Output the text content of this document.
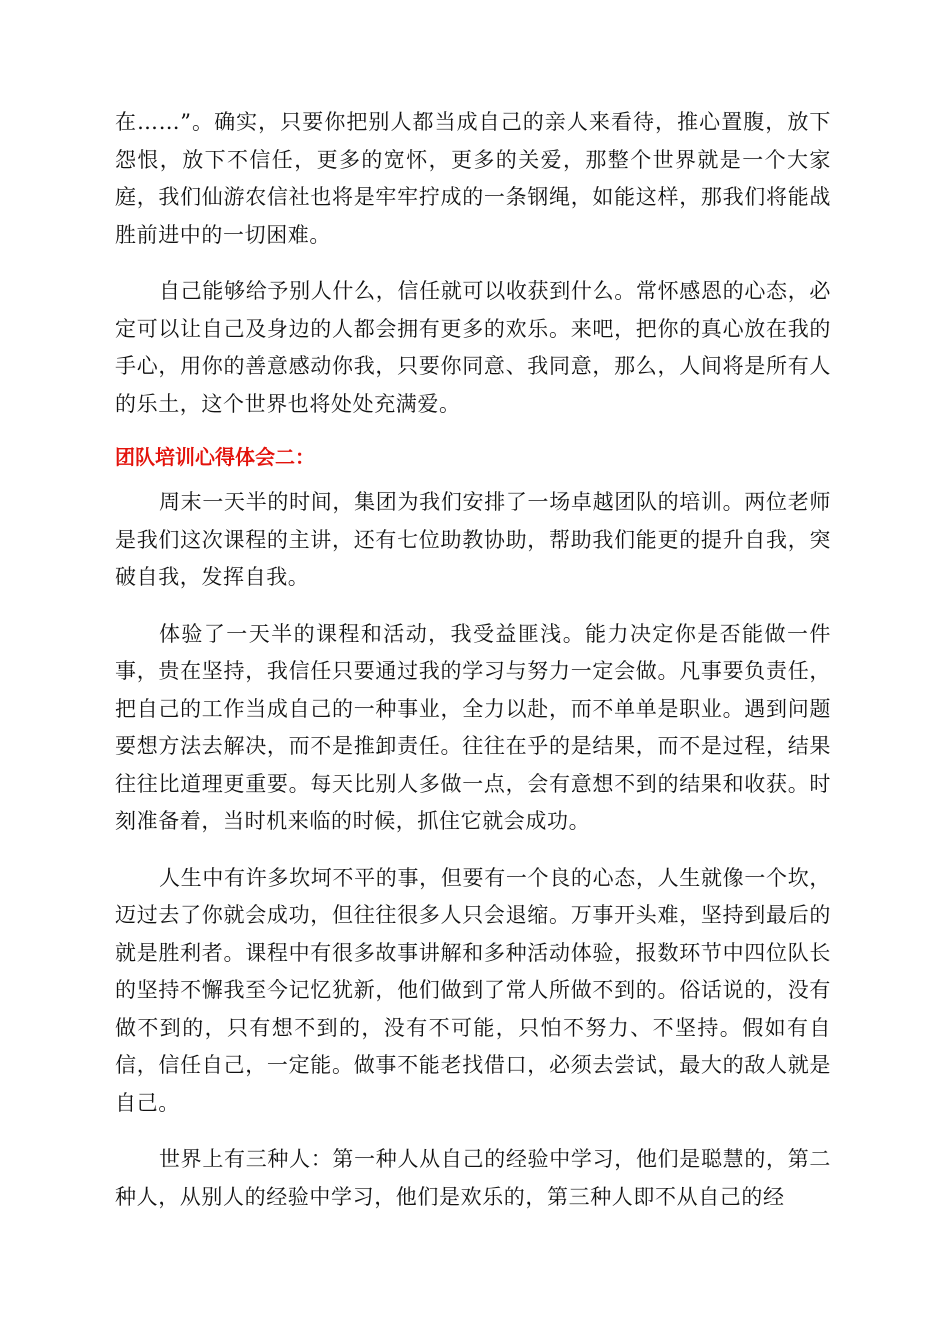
在……”。确实，只要你把别人都当成自己的亲人来看待，推心置腹，放下怨恨，放下不信任，更多的宽怀，更多的关爱，那整个世界就是一个大家庭，我们仙游农信社也将是牢牢拧成的一条钢绳，如能这样，那我们将能战胜前进中的一切困难。

自己能够给予别人什么，信任就可以收获到什么。常怀感恩的心态，必定可以让自己及身边的人都会拥有更多的欢乐。来吧，把你的真心放在我的手心，用你的善意感动你我，只要你同意、我同意，那么，人间将是所有人的乐土，这个世界也将处处充满爱。

团队培训心得体会二：

周末一天半的时间，集团为我们安排了一场卓越团队的培训。两位老师是我们这次课程的主讲，还有七位助教协助，帮助我们能更的提升自我，突破自我，发挥自我。

体验了一天半的课程和活动，我受益匪浅。能力决定你是否能做一件事，贵在坚持，我信任只要通过我的学习与努力一定会做。凡事要负责任，把自己的工作当成自己的一种事业，全力以赴，而不单单是职业。遇到问题要想方法去解决，而不是推卸责任。往往在乎的是结果，而不是过程，结果往往比道理更重要。每天比别人多做一点，会有意想不到的结果和收获。时刻准备着，当时机来临的时候，抓住它就会成功。

人生中有许多坎坷不平的事，但要有一个良的心态，人生就像一个坎，迈过去了你就会成功，但往往很多人只会退缩。万事开头难，坚持到最后的就是胜利者。课程中有很多故事讲解和多种活动体验，报数环节中四位队长的坚持不懈我至今记忆犹新，他们做到了常人所做不到的。俗话说的，没有做不到的，只有想不到的，没有不可能，只怕不努力、不坚持。假如有自信，信任自己，一定能。做事不能老找借口，必须去尝试，最大的敌人就是自己。

世界上有三种人：第一种人从自己的经验中学习，他们是聪慧的，第二种人，从别人的经验中学习，他们是欢乐的，第三种人即不从自己的经
